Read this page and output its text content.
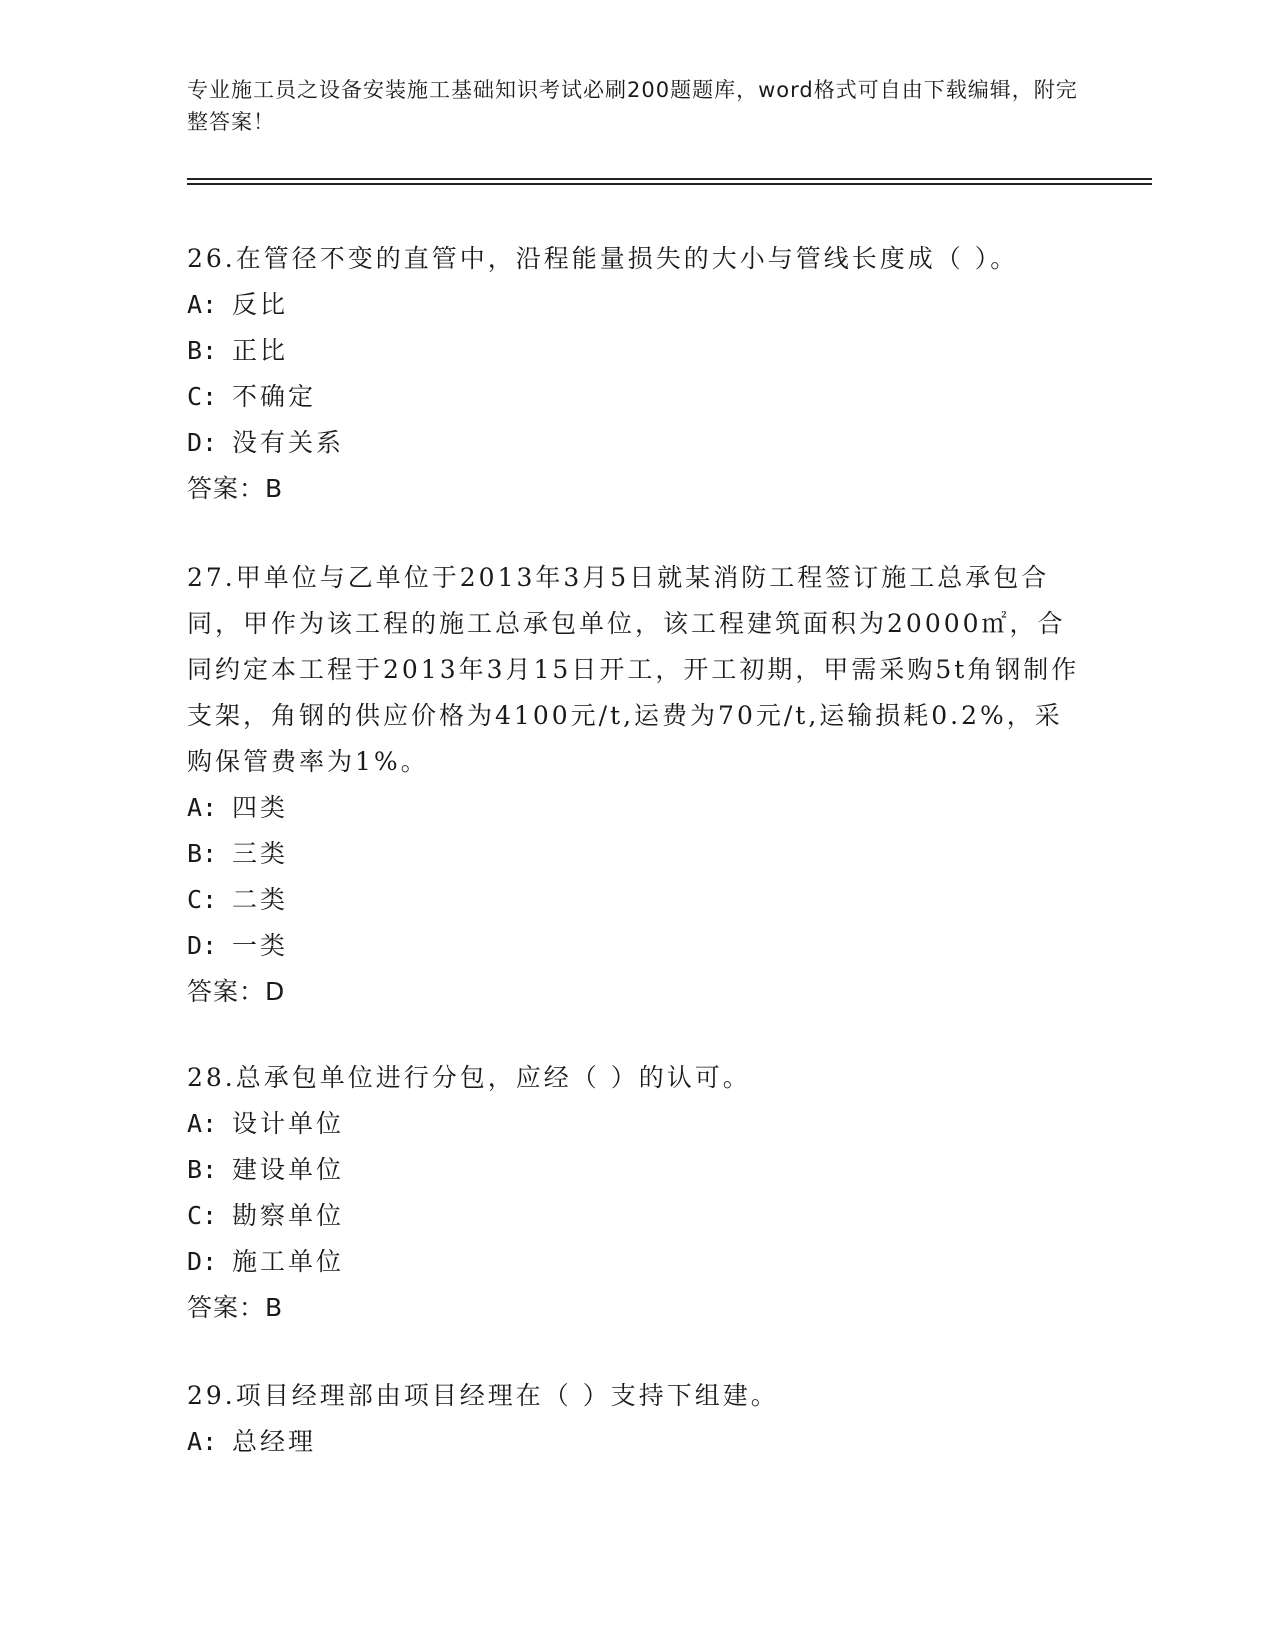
专业施工员之设备安装施工基础知识考试必刷200题题库，word格式可自由下载编辑，附完整答案！

26.在管径不变的直管中，沿程能量损失的大小与管线长度成（ ）。

A: 反比

B: 正比

C: 不确定

D: 没有关系

答案：B

27.甲单位与乙单位于2013年3月5日就某消防工程签订施工总承包合同，甲作为该工程的施工总承包单位，该工程建筑面积为20000㎡，合同约定本工程于2013年3月15日开工，开工初期，甲需采购5t角钢制作支架，角钢的供应价格为4100元/t,运费为70元/t,运输损耗0.2%，采购保管费率为1%。

A: 四类

B: 三类

C: 二类

D: 一类

答案：D

28.总承包单位进行分包，应经（ ）的认可。

A: 设计单位

B: 建设单位

C: 勘察单位

D: 施工单位

答案：B

29.项目经理部由项目经理在（ ）支持下组建。

A: 总经理
